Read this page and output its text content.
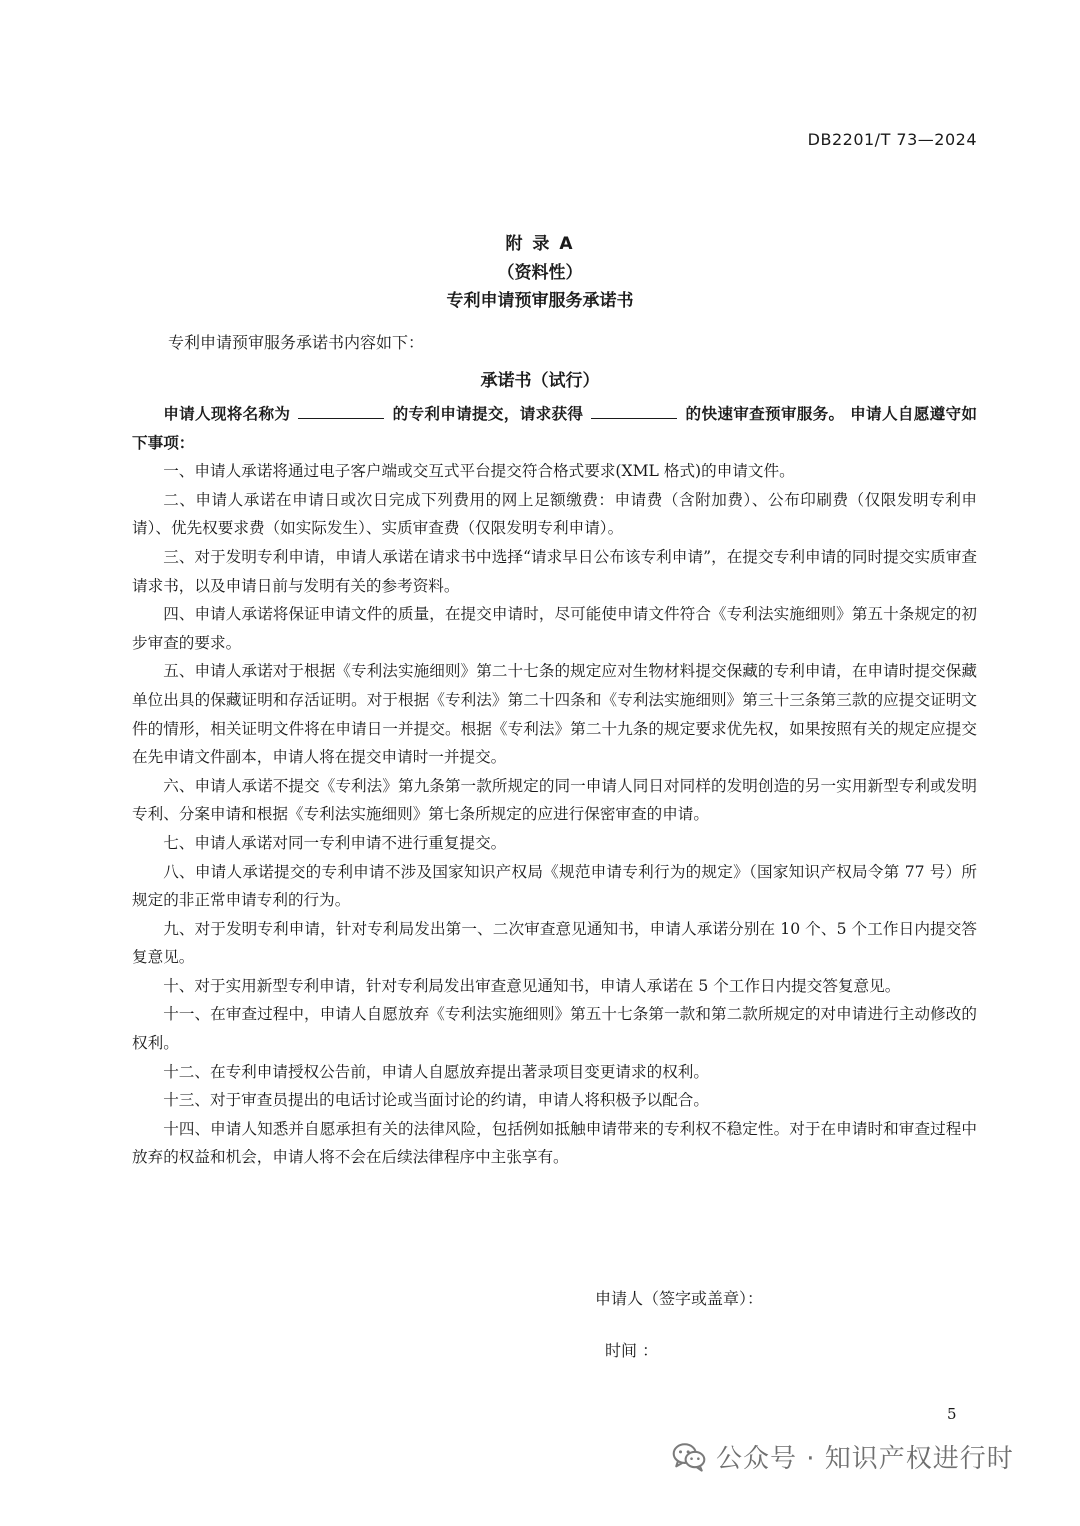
DB2201/T 73—2024
附 录 A
（资料性）
专利申请预审服务承诺书
专利申请预审服务承诺书内容如下：
承诺书（试行）

申请人现将名称为	的专利申请提交，请求获得	的快速审查预审服务。 申请人自愿遵守如下事项：

一、申请人承诺将通过电子客户端或交互式平台提交符合格式要求(XML 格式)的申请文件。

二、申请人承诺在申请日或次日完成下列费用的网上足额缴费：申请费（含附加费）、公布印刷费（仅限发明专利申请）、优先权要求费（如实际发生）、实质审查费（仅限发明专利申请）。

三、对于发明专利申请，申请人承诺在请求书中选择“请求早日公布该专利申请”，在提交专利申请的同时提交实质审查请求书，以及申请日前与发明有关的参考资料。

四、申请人承诺将保证申请文件的质量，在提交申请时，尽可能使申请文件符合《专利法实施细则》第五十条规定的初步审查的要求。

五、申请人承诺对于根据《专利法实施细则》第二十七条的规定应对生物材料提交保藏的专利申请，在申请时提交保藏单位出具的保藏证明和存活证明。对于根据《专利法》第二十四条和《专利法实施细则》第三十三条第三款的应提交证明文件的情形，相关证明文件将在申请日一并提交。根据《专利法》第二十九条的规定要求优先权，如果按照有关的规定应提交在先申请文件副本，申请人将在提交申请时一并提交。

六、申请人承诺不提交《专利法》第九条第一款所规定的同一申请人同日对同样的发明创造的另一实用新型专利或发明专利、分案申请和根据《专利法实施细则》第七条所规定的应进行保密审查的申请。

七、申请人承诺对同一专利申请不进行重复提交。

八、申请人承诺提交的专利申请不涉及国家知识产权局《规范申请专利行为的规定》（国家知识产权局令第 77 号）所规定的非正常申请专利的行为。

九、对于发明专利申请，针对专利局发出第一、二次审查意见通知书，申请人承诺分别在 10 个、5 个工作日内提交答复意见。

十、对于实用新型专利申请，针对专利局发出审查意见通知书，申请人承诺在 5 个工作日内提交答复意见。

十一、在审查过程中，申请人自愿放弃《专利法实施细则》第五十七条第一款和第二款所规定的对申请进行主动修改的权利。

十二、在专利申请授权公告前，申请人自愿放弃提出著录项目变更请求的权利。

十三、对于审查员提出的电话讨论或当面讨论的约请，申请人将积极予以配合。

十四、申请人知悉并自愿承担有关的法律风险，包括例如抵触申请带来的专利权不稳定性。对于在申请时和审查过程中放弃的权益和机会，申请人将不会在后续法律程序中主张享有。

申请人（签字或盖章）：
时间 ：
5
公众号 · 知识产权进行时
